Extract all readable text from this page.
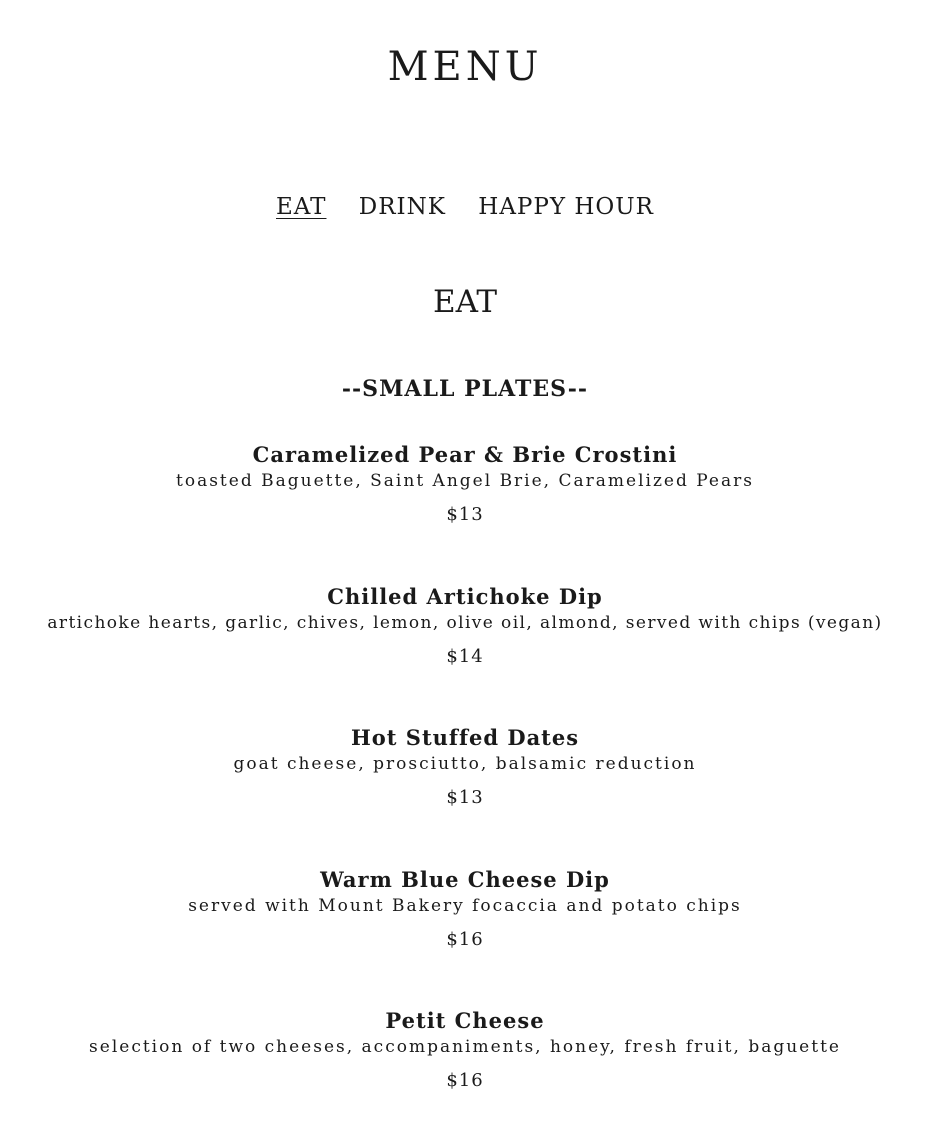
MENU
EAT DRINK HAPPY HOUR
EAT
--SMALL PLATES--
Caramelized Pear & Brie Crostini
toasted Baguette, Saint Angel Brie, Caramelized Pears
$13
Chilled Artichoke Dip
artichoke hearts, garlic, chives, lemon, olive oil, almond, served with chips (vegan)
$14
Hot Stuffed Dates
goat cheese, prosciutto, balsamic reduction
$13
Warm Blue Cheese Dip
served with Mount Bakery focaccia and potato chips
$16
Petit Cheese
selection of two cheeses, accompaniments, honey, fresh fruit, baguette
$16
